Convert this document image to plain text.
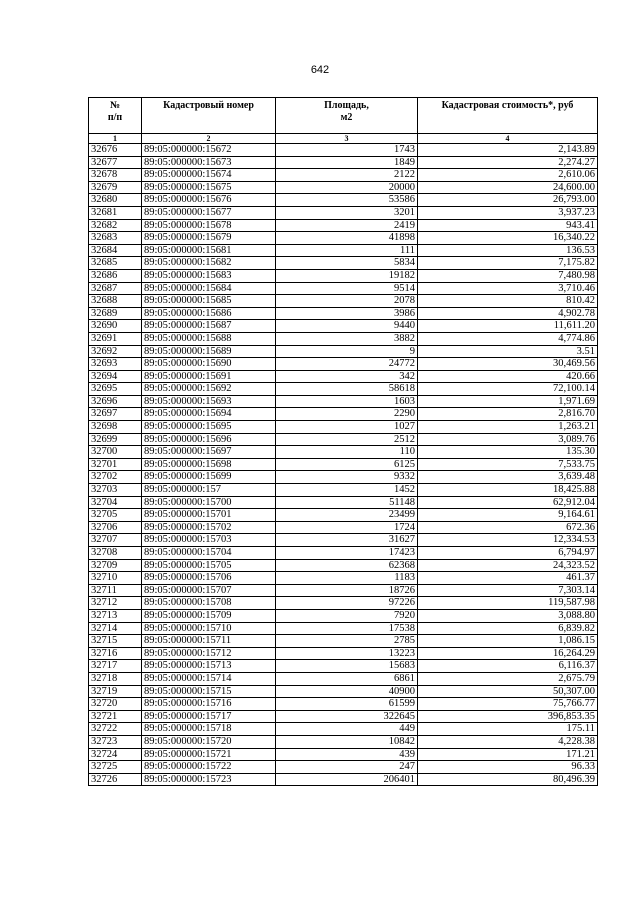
642
№
п/п	Кадастровый номер	Площадь,
м2	Кадастровая стоимость*, руб
1	2	3	4
32676	89:05:000000:15672	1743	2,143.89
32677	89:05:000000:15673	1849	2,274.27
32678	89:05:000000:15674	2122	2,610.06
32679	89:05:000000:15675	20000	24,600.00
32680	89:05:000000:15676	53586	26,793.00
32681	89:05:000000:15677	3201	3,937.23
32682	89:05:000000:15678	2419	943.41
32683	89:05:000000:15679	41898	16,340.22
32684	89:05:000000:15681	111	136.53
32685	89:05:000000:15682	5834	7,175.82
32686	89:05:000000:15683	19182	7,480.98
32687	89:05:000000:15684	9514	3,710.46
32688	89:05:000000:15685	2078	810.42
32689	89:05:000000:15686	3986	4,902.78
32690	89:05:000000:15687	9440	11,611.20
32691	89:05:000000:15688	3882	4,774.86
32692	89:05:000000:15689	9	3.51
32693	89:05:000000:15690	24772	30,469.56
32694	89:05:000000:15691	342	420.66
32695	89:05:000000:15692	58618	72,100.14
32696	89:05:000000:15693	1603	1,971.69
32697	89:05:000000:15694	2290	2,816.70
32698	89:05:000000:15695	1027	1,263.21
32699	89:05:000000:15696	2512	3,089.76
32700	89:05:000000:15697	110	135.30
32701	89:05:000000:15698	6125	7,533.75
32702	89:05:000000:15699	9332	3,639.48
32703	89:05:000000:157	1452	18,425.88
32704	89:05:000000:15700	51148	62,912.04
32705	89:05:000000:15701	23499	9,164.61
32706	89:05:000000:15702	1724	672.36
32707	89:05:000000:15703	31627	12,334.53
32708	89:05:000000:15704	17423	6,794.97
32709	89:05:000000:15705	62368	24,323.52
32710	89:05:000000:15706	1183	461.37
32711	89:05:000000:15707	18726	7,303.14
32712	89:05:000000:15708	97226	119,587.98
32713	89:05:000000:15709	7920	3,088.80
32714	89:05:000000:15710	17538	6,839.82
32715	89:05:000000:15711	2785	1,086.15
32716	89:05:000000:15712	13223	16,264.29
32717	89:05:000000:15713	15683	6,116.37
32718	89:05:000000:15714	6861	2,675.79
32719	89:05:000000:15715	40900	50,307.00
32720	89:05:000000:15716	61599	75,766.77
32721	89:05:000000:15717	322645	396,853.35
32722	89:05:000000:15718	449	175.11
32723	89:05:000000:15720	10842	4,228.38
32724	89:05:000000:15721	439	171.21
32725	89:05:000000:15722	247	96.33
32726	89:05:000000:15723	206401	80,496.39
